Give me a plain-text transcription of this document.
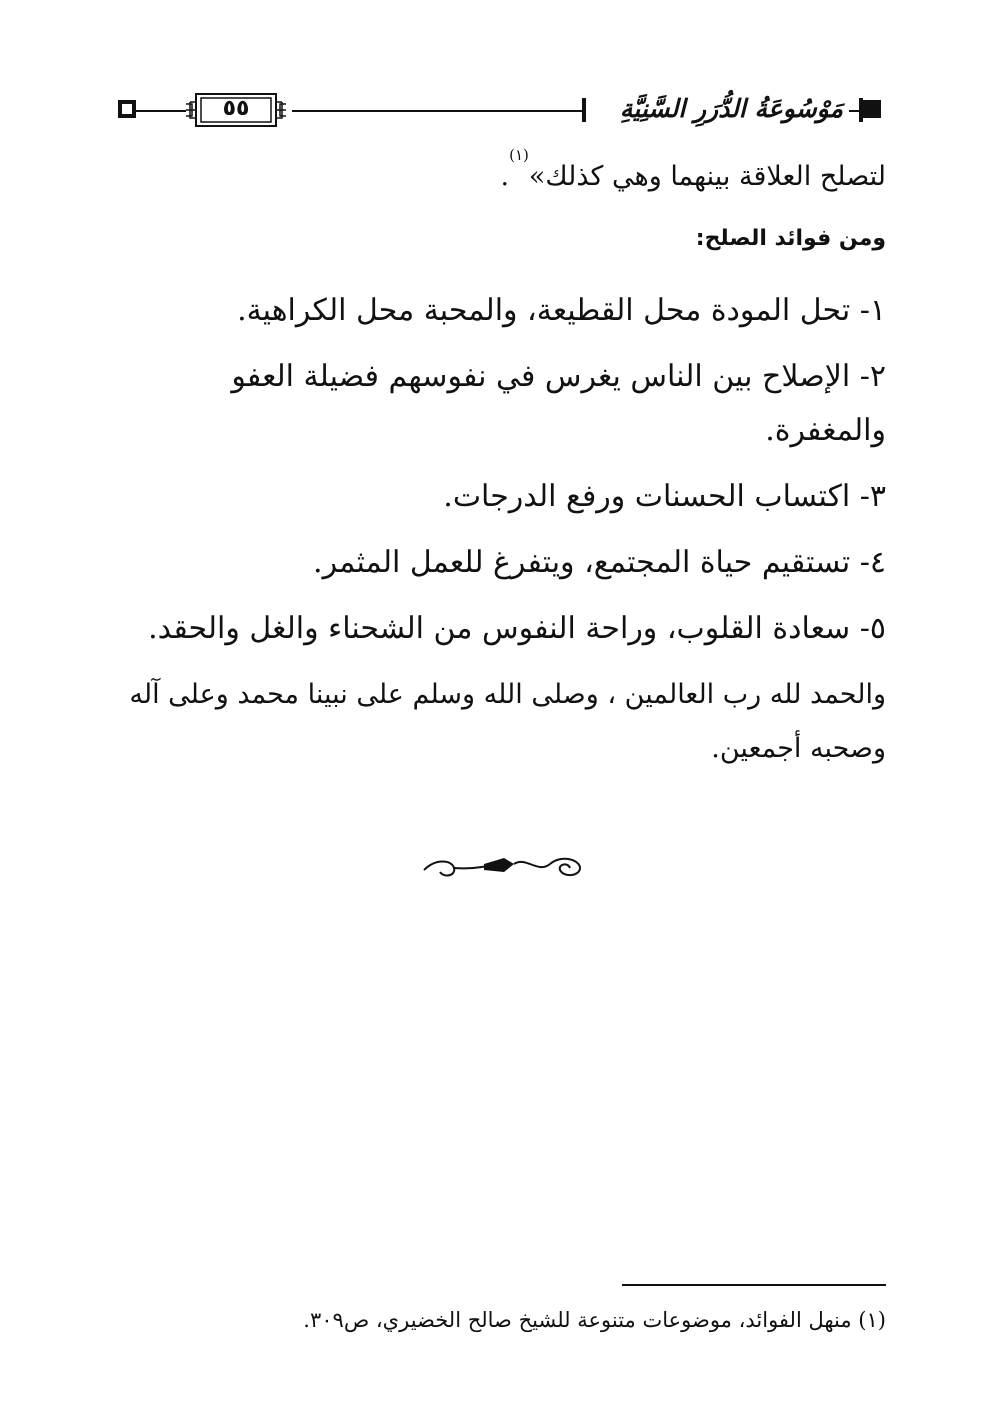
٥٥	مَوْسُوعَةُ الدُّرَرِ السَّنِيَّةِ

لتصلح العلاقة بينهما وهي كذلك»$^{(١)}$.

ومن فوائد الصلح:

١- تحل المودة محل القطيعة، والمحبة محل الكراهية.
٢- الإصلاح بين الناس يغرس في نفوسهم فضيلة العفو والمغفرة.
٣- اكتساب الحسنات ورفع الدرجات.
٤- تستقيم حياة المجتمع، ويتفرغ للعمل المثمر.
٥- سعادة القلوب، وراحة النفوس من الشحناء والغل والحقد.

والحمد لله رب العالمين ، وصلى الله وسلم على نبينا محمد وعلى آله وصحبه أجمعين.

(١) منهل الفوائد، موضوعات متنوعة للشيخ صالح الخضيري، ص٣٠٩.
